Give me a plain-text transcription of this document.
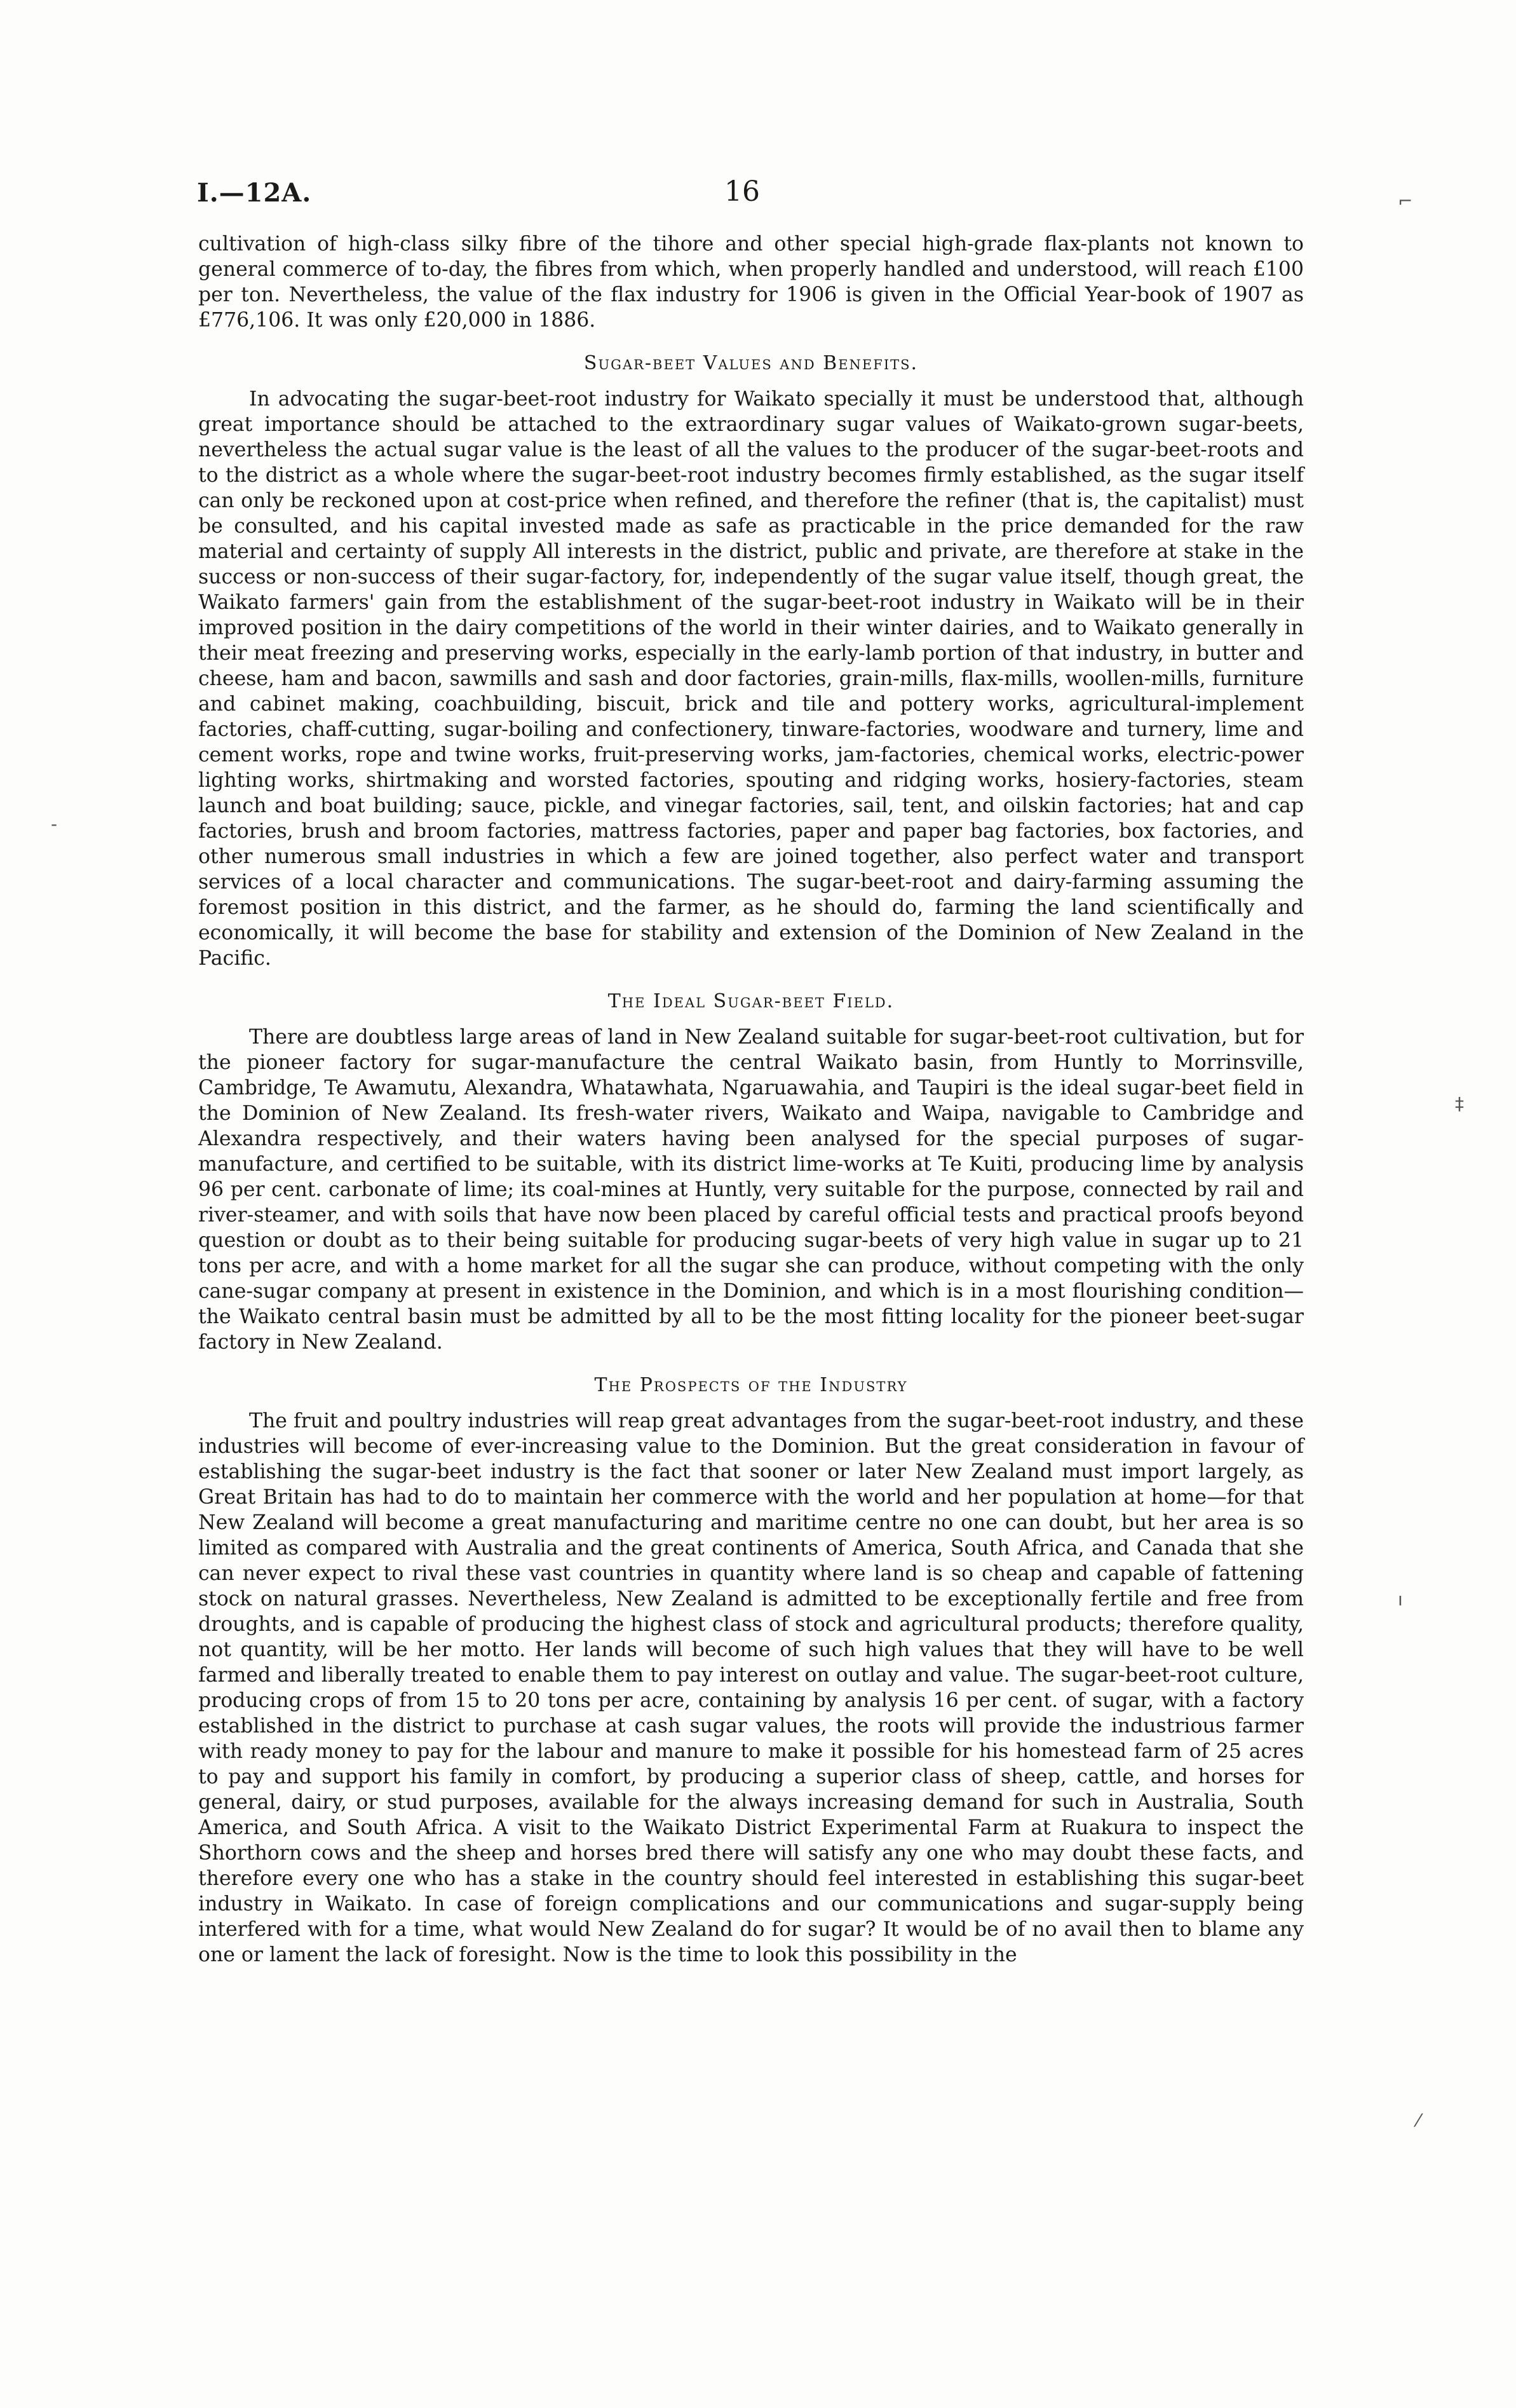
I.—12A.	16

cultivation of high-class silky fibre of the tihore and other special high-grade flax-plants not known to general commerce of to-day, the fibres from which, when properly handled and understood, will reach £100 per ton. Nevertheless, the value of the flax industry for 1906 is given in the Official Year-book of 1907 as £776,106. It was only £20,000 in 1886.

Sugar-beet Values and Benefits.

In advocating the sugar-beet-root industry for Waikato specially it must be understood that, although great importance should be attached to the extraordinary sugar values of Waikato-grown sugar-beets, nevertheless the actual sugar value is the least of all the values to the producer of the sugar-beet-roots and to the district as a whole where the sugar-beet-root industry becomes firmly established, as the sugar itself can only be reckoned upon at cost-price when refined, and therefore the refiner (that is, the capitalist) must be consulted, and his capital invested made as safe as practicable in the price demanded for the raw material and certainty of supply All interests in the district, public and private, are therefore at stake in the success or non-success of their sugar-factory, for, independently of the sugar value itself, though great, the Waikato farmers' gain from the establishment of the sugar-beet-root industry in Waikato will be in their improved position in the dairy competitions of the world in their winter dairies, and to Waikato generally in their meat freezing and preserving works, especially in the early-lamb portion of that industry, in butter and cheese, ham and bacon, sawmills and sash and door factories, grain-mills, flax-mills, woollen-mills, furniture and cabinet making, coachbuilding, biscuit, brick and tile and pottery works, agricultural-implement factories, chaff-cutting, sugar-boiling and confectionery, tinware-factories, woodware and turnery, lime and cement works, rope and twine works, fruit-preserving works, jam-factories, chemical works, electric-power lighting works, shirtmaking and worsted factories, spouting and ridging works, hosiery-factories, steam launch and boat building; sauce, pickle, and vinegar factories, sail, tent, and oilskin factories; hat and cap factories, brush and broom factories, mattress factories, paper and paper bag factories, box factories, and other numerous small industries in which a few are joined together, also perfect water and transport services of a local character and communications. The sugar-beet-root and dairy-farming assuming the foremost position in this district, and the farmer, as he should do, farming the land scientifically and economically, it will become the base for stability and extension of the Dominion of New Zealand in the Pacific.

The Ideal Sugar-beet Field.

There are doubtless large areas of land in New Zealand suitable for sugar-beet-root cultivation, but for the pioneer factory for sugar-manufacture the central Waikato basin, from Huntly to Morrinsville, Cambridge, Te Awamutu, Alexandra, Whatawhata, Ngaruawahia, and Taupiri is the ideal sugar-beet field in the Dominion of New Zealand. Its fresh-water rivers, Waikato and Waipa, navigable to Cambridge and Alexandra respectively, and their waters having been analysed for the special purposes of sugar-manufacture, and certified to be suitable, with its district lime-works at Te Kuiti, producing lime by analysis 96 per cent. carbonate of lime; its coal-mines at Huntly, very suitable for the purpose, connected by rail and river-steamer, and with soils that have now been placed by careful official tests and practical proofs beyond question or doubt as to their being suitable for producing sugar-beets of very high value in sugar up to 21 tons per acre, and with a home market for all the sugar she can produce, without competing with the only cane-sugar company at present in existence in the Dominion, and which is in a most flourishing condition—the Waikato central basin must be admitted by all to be the most fitting locality for the pioneer beet-sugar factory in New Zealand.

The Prospects of the Industry

The fruit and poultry industries will reap great advantages from the sugar-beet-root industry, and these industries will become of ever-increasing value to the Dominion. But the great consideration in favour of establishing the sugar-beet industry is the fact that sooner or later New Zealand must import largely, as Great Britain has had to do to maintain her commerce with the world and her population at home—for that New Zealand will become a great manufacturing and maritime centre no one can doubt, but her area is so limited as compared with Australia and the great continents of America, South Africa, and Canada that she can never expect to rival these vast countries in quantity where land is so cheap and capable of fattening stock on natural grasses. Nevertheless, New Zealand is admitted to be exceptionally fertile and free from droughts, and is capable of producing the highest class of stock and agricultural products; therefore quality, not quantity, will be her motto. Her lands will become of such high values that they will have to be well farmed and liberally treated to enable them to pay interest on outlay and value. The sugar-beet-root culture, producing crops of from 15 to 20 tons per acre, containing by analysis 16 per cent. of sugar, with a factory established in the district to purchase at cash sugar values, the roots will provide the industrious farmer with ready money to pay for the labour and manure to make it possible for his homestead farm of 25 acres to pay and support his family in comfort, by producing a superior class of sheep, cattle, and horses for general, dairy, or stud purposes, available for the always increasing demand for such in Australia, South America, and South Africa. A visit to the Waikato District Experimental Farm at Ruakura to inspect the Shorthorn cows and the sheep and horses bred there will satisfy any one who may doubt these facts, and therefore every one who has a stake in the country should feel interested in establishing this sugar-beet industry in Waikato. In case of foreign complications and our communications and sugar-supply being interfered with for a time, what would New Zealand do for sugar? It would be of no avail then to blame any one or lament the lack of foresight. Now is the time to look this possibility in the

⌐
‡
-
ı
⁄
